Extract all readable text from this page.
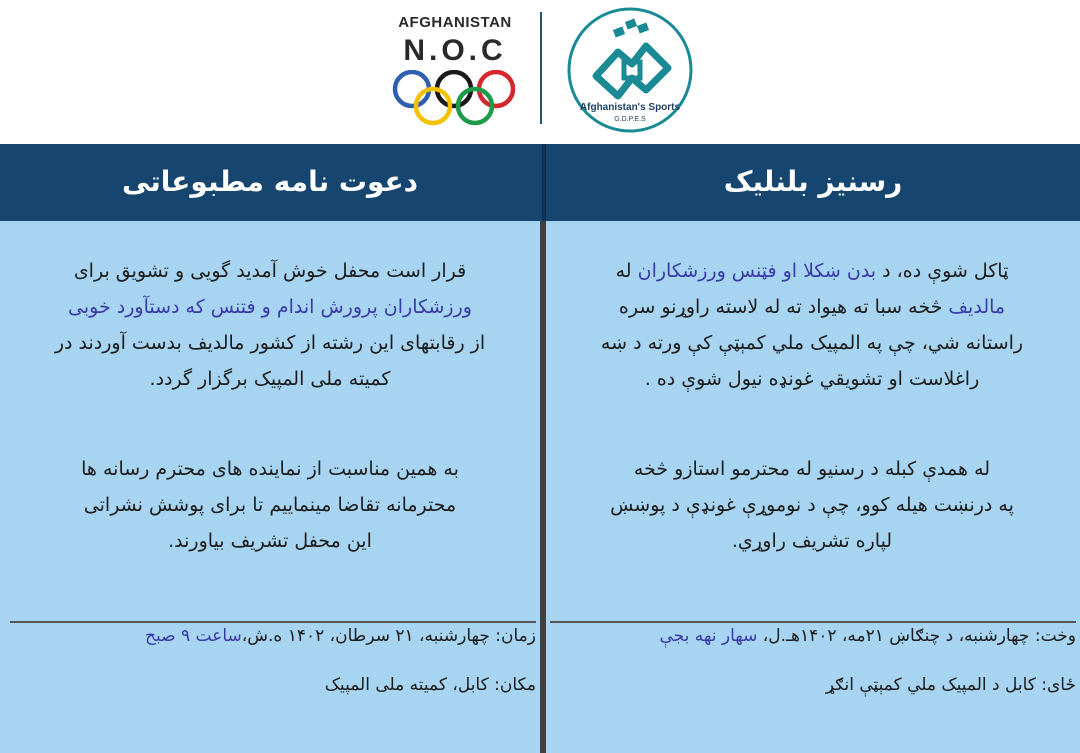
AFGHANISTAN
N.O.C
Afghanistan's Sports
G.D.P.E.S
دعوت نامه مطبوعاتی	رسنيز بلنليک
قرار است محفل خوش آمدید گویی و تشویق برای
ورزشکاران پرورش اندام و فتنس که دستآورد خوبی
از رقابتهای این رشته از کشور مالدیف بدست آوردند در
کمیته ملی المپیک برگزار گردد.
به همین مناسبت از نماینده های محترم رسانه ها
محترمانه تقاضا مینماییم تا برای پوشش نشراتی
این محفل تشریف بیاورند.
ټاکل شوې ده، د بدن ښکلا او فټنس ورزشکاران له
مالديف څخه سبا ته هيواد ته له لاسته راوړنو سره
راستانه شي، چې په المپيک ملي کمېټې کې ورته د ښه
راغلاست او تشويقي غونډه نيول شوې ده .
له همدې کبله د رسنيو له محترمو استازو څخه
په درنښت هيله کوو، چې د نوموړې غونډې د پوښښ
لپاره تشريف راوړي.
زمان: چهارشنبه، ۲۱ سرطان، ۱۴۰۲ ه.ش،ساعت ۹ صبح
مکان: کابل، کمیته ملی المپیک
وخت: چهارشنبه، د چنګاښ ۲۱مه، ۱۴۰۲هـ.ل، سهار نهه بجې
ځای: کابل د المپيک ملي کمېټې انګړ
